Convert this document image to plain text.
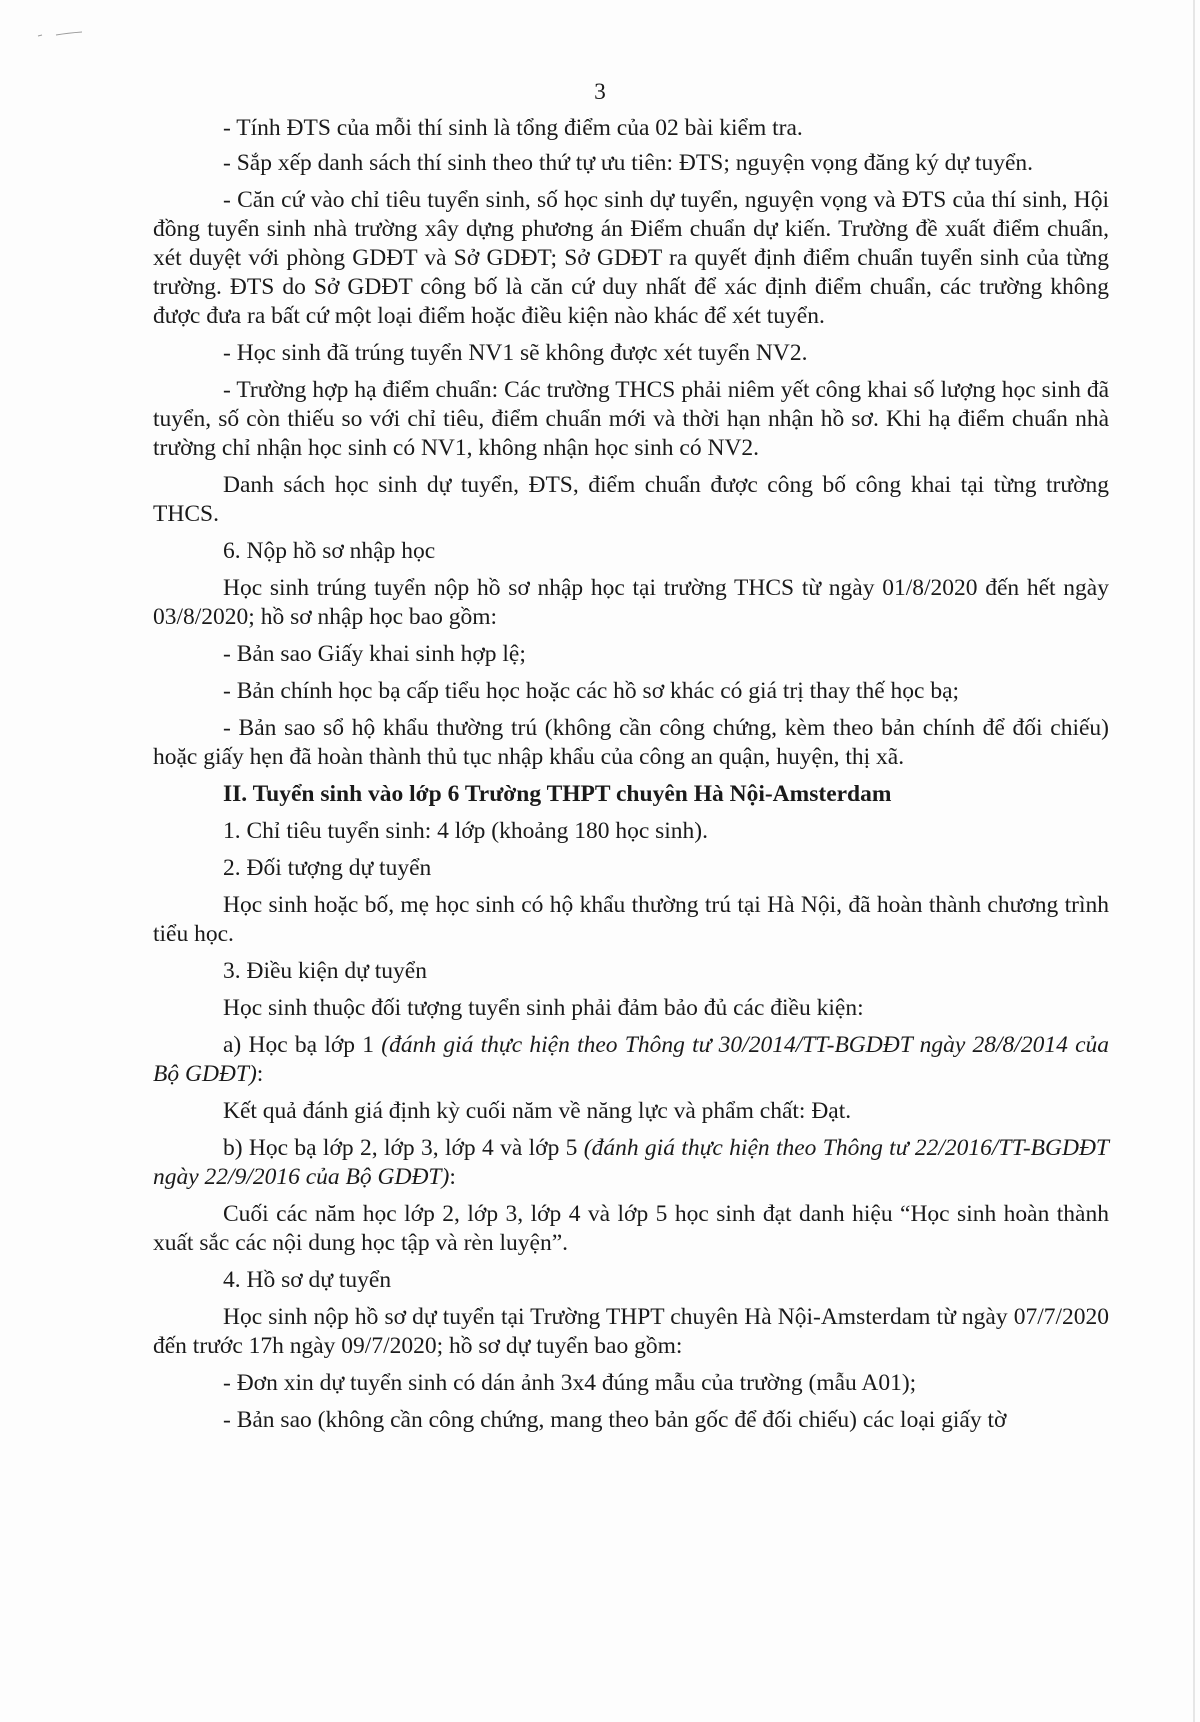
3

- Tính ĐTS của mỗi thí sinh là tổng điểm của 02 bài kiểm tra.

- Sắp xếp danh sách thí sinh theo thứ tự ưu tiên: ĐTS; nguyện vọng đăng ký dự tuyển.

- Căn cứ vào chỉ tiêu tuyển sinh, số học sinh dự tuyển, nguyện vọng và ĐTS của thí sinh, Hội đồng tuyển sinh nhà trường xây dựng phương án Điểm chuẩn dự kiến. Trường đề xuất điểm chuẩn, xét duyệt với phòng GDĐT và Sở GDĐT; Sở GDĐT ra quyết định điểm chuẩn tuyển sinh của từng trường. ĐTS do Sở GDĐT công bố là căn cứ duy nhất để xác định điểm chuẩn, các trường không được đưa ra bất cứ một loại điểm hoặc điều kiện nào khác để xét tuyển.

- Học sinh đã trúng tuyển NV1 sẽ không được xét tuyển NV2.

- Trường hợp hạ điểm chuẩn: Các trường THCS phải niêm yết công khai số lượng học sinh đã tuyển, số còn thiếu so với chỉ tiêu, điểm chuẩn mới và thời hạn nhận hồ sơ. Khi hạ điểm chuẩn nhà trường chỉ nhận học sinh có NV1, không nhận học sinh có NV2.

Danh sách học sinh dự tuyển, ĐTS, điểm chuẩn được công bố công khai tại từng trường THCS.

6. Nộp hồ sơ nhập học

Học sinh trúng tuyển nộp hồ sơ nhập học tại trường THCS từ ngày 01/8/2020 đến hết ngày 03/8/2020; hồ sơ nhập học bao gồm:

- Bản sao Giấy khai sinh hợp lệ;

- Bản chính học bạ cấp tiểu học hoặc các hồ sơ khác có giá trị thay thế học bạ;

- Bản sao sổ hộ khẩu thường trú (không cần công chứng, kèm theo bản chính để đối chiếu) hoặc giấy hẹn đã hoàn thành thủ tục nhập khẩu của công an quận, huyện, thị xã.

II. Tuyển sinh vào lớp 6 Trường THPT chuyên Hà Nội-Amsterdam

1. Chỉ tiêu tuyển sinh: 4 lớp (khoảng 180 học sinh).

2. Đối tượng dự tuyển

Học sinh hoặc bố, mẹ học sinh có hộ khẩu thường trú tại Hà Nội, đã hoàn thành chương trình tiểu học.

3. Điều kiện dự tuyển

Học sinh thuộc đối tượng tuyển sinh phải đảm bảo đủ các điều kiện:

a) Học bạ lớp 1 (đánh giá thực hiện theo Thông tư 30/2014/TT-BGDĐT ngày 28/8/2014 của Bộ GDĐT):

Kết quả đánh giá định kỳ cuối năm về năng lực và phẩm chất: Đạt.

b) Học bạ lớp 2, lớp 3, lớp 4 và lớp 5 (đánh giá thực hiện theo Thông tư 22/2016/TT-BGDĐT ngày 22/9/2016 của Bộ GDĐT):

Cuối các năm học lớp 2, lớp 3, lớp 4 và lớp 5 học sinh đạt danh hiệu “Học sinh hoàn thành xuất sắc các nội dung học tập và rèn luyện”.

4. Hồ sơ dự tuyển

Học sinh nộp hồ sơ dự tuyển tại Trường THPT chuyên Hà Nội-Amsterdam từ ngày 07/7/2020 đến trước 17h ngày 09/7/2020; hồ sơ dự tuyển bao gồm:

- Đơn xin dự tuyển sinh có dán ảnh 3x4 đúng mẫu của trường (mẫu A01);

- Bản sao (không cần công chứng, mang theo bản gốc để đối chiếu) các loại giấy tờ
